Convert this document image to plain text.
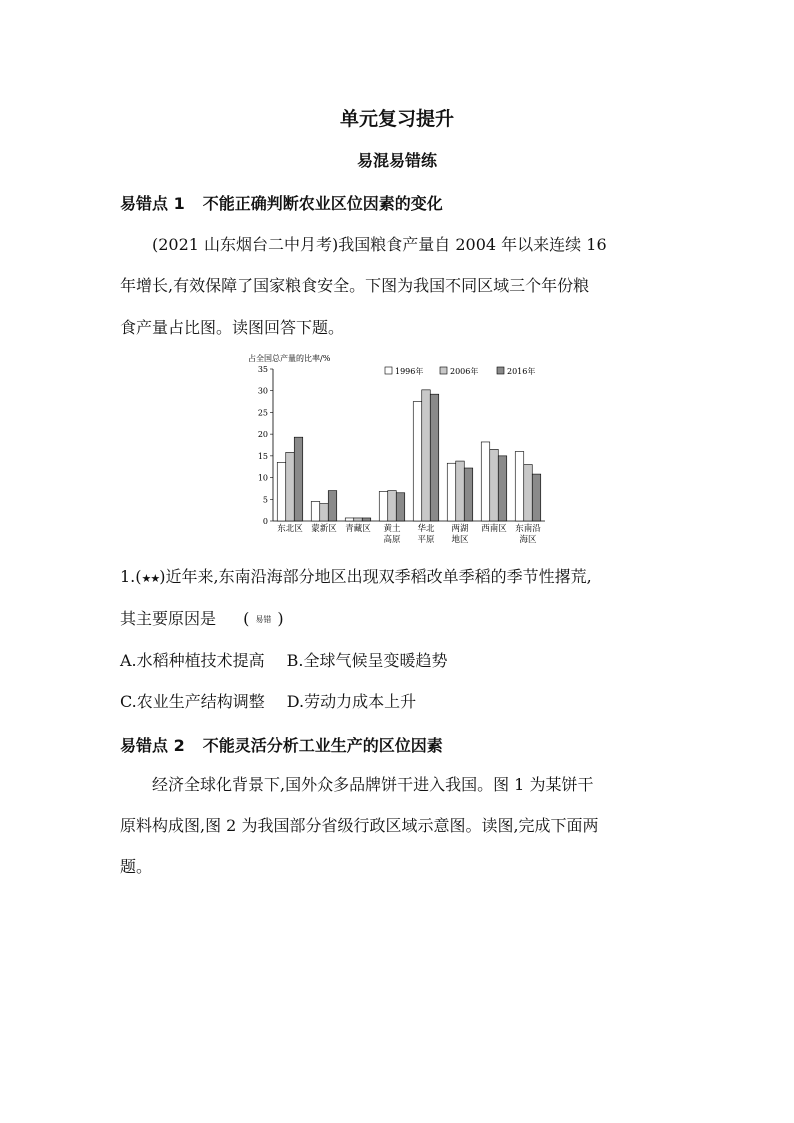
单元复习提升
易混易错练
易错点 1 不能正确判断农业区位因素的变化
(2021 山东烟台二中月考)我国粮食产量自 2004 年以来连续 16
年增长,有效保障了国家粮食安全。下图为我国不同区域三个年份粮
食产量占比图。读图回答下题。
占全国总产量的比率/%
0
5
10
15
20
25
30
35	1996年	2006年	2016年
东北区 蒙新区 青藏区 黄土
高原
华北
平原
两湖
地区
西南区 东南沿
海区
1.(★★)近年来,东南沿海部分地区出现双季稻改单季稻的季节性撂荒,
其主要原因是 ( 易错 )
A.水稻种植技术提高 B.全球气候呈变暖趋势
C.农业生产结构调整 D.劳动力成本上升
易错点 2 不能灵活分析工业生产的区位因素
经济全球化背景下,国外众多品牌饼干进入我国。图 1 为某饼干
原料构成图,图 2 为我国部分省级行政区域示意图。读图,完成下面两
题。
